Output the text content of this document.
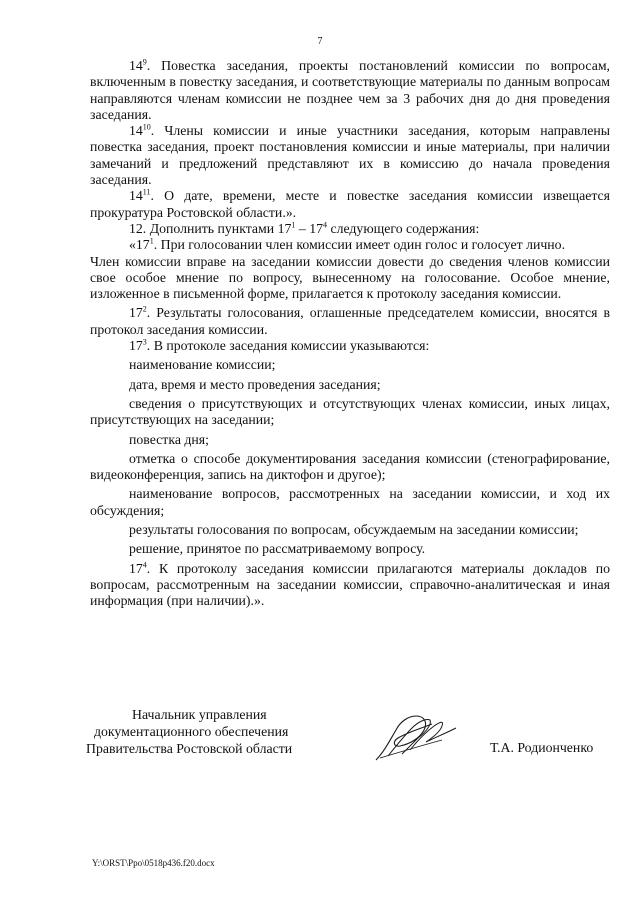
7

$14^9$. Повестка заседания, проекты постановлений комиссии по вопросам, включенным в повестку заседания, и соответствующие материалы по данным вопросам направляются членам комиссии не позднее чем за 3 рабочих дня до дня проведения заседания.

$14^{10}$. Члены комиссии и иные участники заседания, которым направлены повестка заседания, проект постановления комиссии и иные материалы, при наличии замечаний и предложений представляют их в комиссию до начала проведения заседания.

$14^{11}$. О дате, времени, месте и повестке заседания комиссии извещается прокуратура Ростовской области.».

12. Дополнить пунктами $17^1 - 17^4$ следующего содержания:

«$17^1$. При голосовании член комиссии имеет один голос и голосует лично.

Член комиссии вправе на заседании комиссии довести до сведения членов комиссии свое особое мнение по вопросу, вынесенному на голосование. Особое мнение, изложенное в письменной форме, прилагается к протоколу заседания комиссии.

$17^2$. Результаты голосования, оглашенные председателем комиссии, вносятся в протокол заседания комиссии.

$17^3$. В протоколе заседания комиссии указываются:

наименование комиссии;

дата, время и место проведения заседания;

сведения о присутствующих и отсутствующих членах комиссии, иных лицах, присутствующих на заседании;

повестка дня;

отметка о способе документирования заседания комиссии (стенографирование, видеоконференция, запись на диктофон и другое);

наименование вопросов, рассмотренных на заседании комиссии, и ход их обсуждения;

результаты голосования по вопросам, обсуждаемым на заседании комиссии;

решение, принятое по рассматриваемому вопросу.

$17^4$. К протоколу заседания комиссии прилагаются материалы докладов по вопросам, рассмотренным на заседании комиссии, справочно-аналитическая и иная информация (при наличии).».

Начальник управления
документационного обеспечения
Правительства Ростовской области	Т.А. Родионченко
Y:\ORST\Ppo\0518p436.f20.docx
